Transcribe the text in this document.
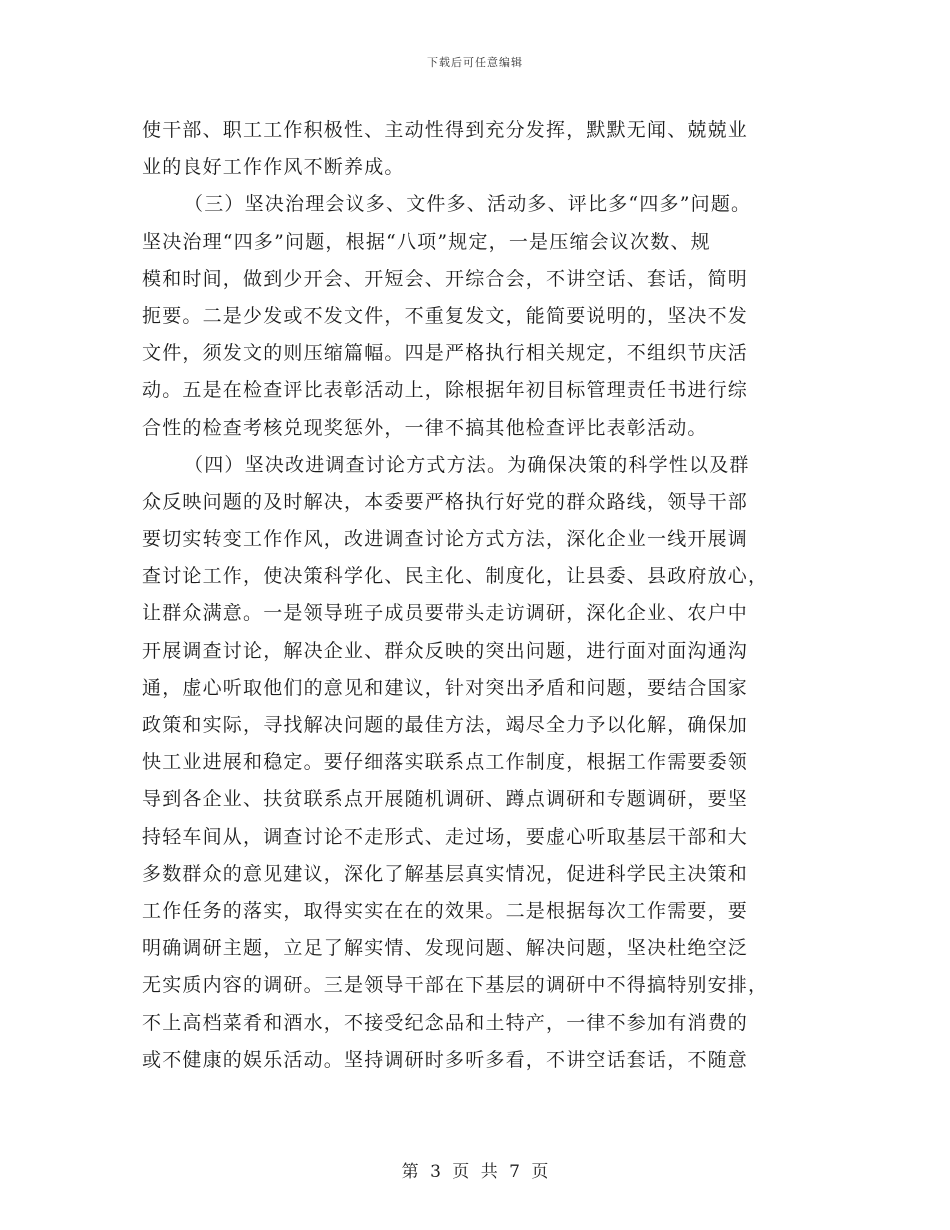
下载后可任意编辑
使干部、职工工作积极性、主动性得到充分发挥，默默无闻、兢兢业
业的良好工作作风不断养成。
（三）坚决治理会议多、文件多、活动多、评比多“四多”问题。
坚决治理“四多”问题，根据“八项”规定，一是压缩会议次数、规
模和时间，做到少开会、开短会、开综合会，不讲空话、套话，简明
扼要。二是少发或不发文件，不重复发文，能简要说明的，坚决不发
文件，须发文的则压缩篇幅。四是严格执行相关规定，不组织节庆活
动。五是在检查评比表彰活动上，除根据年初目标管理责任书进行综
合性的检查考核兑现奖惩外，一律不搞其他检查评比表彰活动。
（四）坚决改进调查讨论方式方法。为确保决策的科学性以及群
众反映问题的及时解决，本委要严格执行好党的群众路线，领导干部
要切实转变工作作风，改进调查讨论方式方法，深化企业一线开展调
查讨论工作，使决策科学化、民主化、制度化，让县委、县政府放心，
让群众满意。一是领导班子成员要带头走访调研，深化企业、农户中
开展调查讨论，解决企业、群众反映的突出问题，进行面对面沟通沟
通，虚心听取他们的意见和建议，针对突出矛盾和问题，要结合国家
政策和实际，寻找解决问题的最佳方法，竭尽全力予以化解，确保加
快工业进展和稳定。要仔细落实联系点工作制度，根据工作需要委领
导到各企业、扶贫联系点开展随机调研、蹲点调研和专题调研，要坚
持轻车间从，调查讨论不走形式、走过场，要虚心听取基层干部和大
多数群众的意见建议，深化了解基层真实情况，促进科学民主决策和
工作任务的落实，取得实实在在的效果。二是根据每次工作需要，要
明确调研主题，立足了解实情、发现问题、解决问题，坚决杜绝空泛
无实质内容的调研。三是领导干部在下基层的调研中不得搞特别安排，
不上高档菜肴和酒水，不接受纪念品和土特产，一律不参加有消费的
或不健康的娱乐活动。坚持调研时多听多看，不讲空话套话，不随意
第 3 页 共 7 页
